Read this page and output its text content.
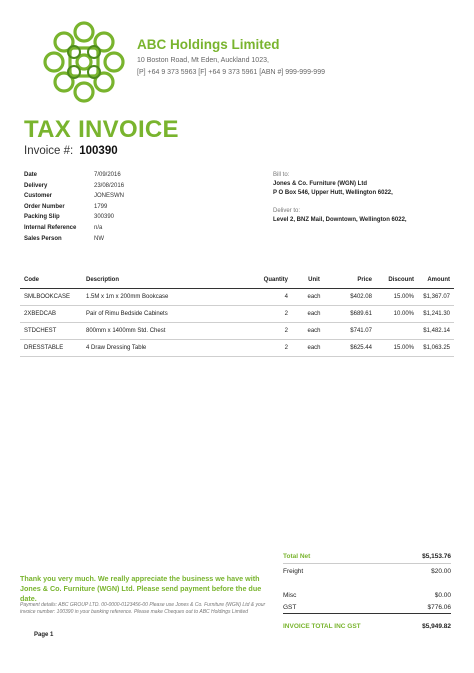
ABC Holdings Limited
10 Boston Road, Mt Eden, Auckland 1023,
[P] +64 9 373 5963 [F] +64 9 373 5961 [ABN #] 999-999-999
TAX INVOICE
Invoice #: 100390
Date	7/09/2016
Delivery	23/08/2016
Customer	JONESWN
Order Number	1799
Packing Slip	300390
Internal Reference	n/a
Sales Person	NW
Bill to:
Jones & Co. Furniture (WGN) Ltd
P O Box 546, Upper Hutt, Wellington 6022,
Deliver to:
Level 2, BNZ Mail, Downtown, Wellington 6022,
Code	Description	Quantity	Unit	Price	Discount	Amount
SMLBOOKCASE	1.5M x 1m x 200mm Bookcase	4	each	$402.08	15.00%	$1,367.07
2XBEDCAB	Pair of Rimu Bedside Cabinets	2	each	$689.61	10.00%	$1,241.30
STDCHEST	800mm x 1400mm Std. Chest	2	each	$741.07		$1,482.14
DRESSTABLE	4 Draw Dressing Table	2	each	$625.44	15.00%	$1,063.25
Thank you very much. We really appreciate the business we have with Jones & Co. Furniture (WGN) Ltd. Please send payment before the due date.
Payment details: ABC GROUP LTD. 00-0000-0123456-00 Please use Jones & Co. Furniture (WGN) Ltd & your invoice number: 100390 in your banking reference. Please make Cheques out to ABC Holdings Limited
Page 1
Total Net	$5,153.76
Freight	$20.00
Misc	$0.00
GST	$776.06
INVOICE TOTAL INC GST	$5,949.82
